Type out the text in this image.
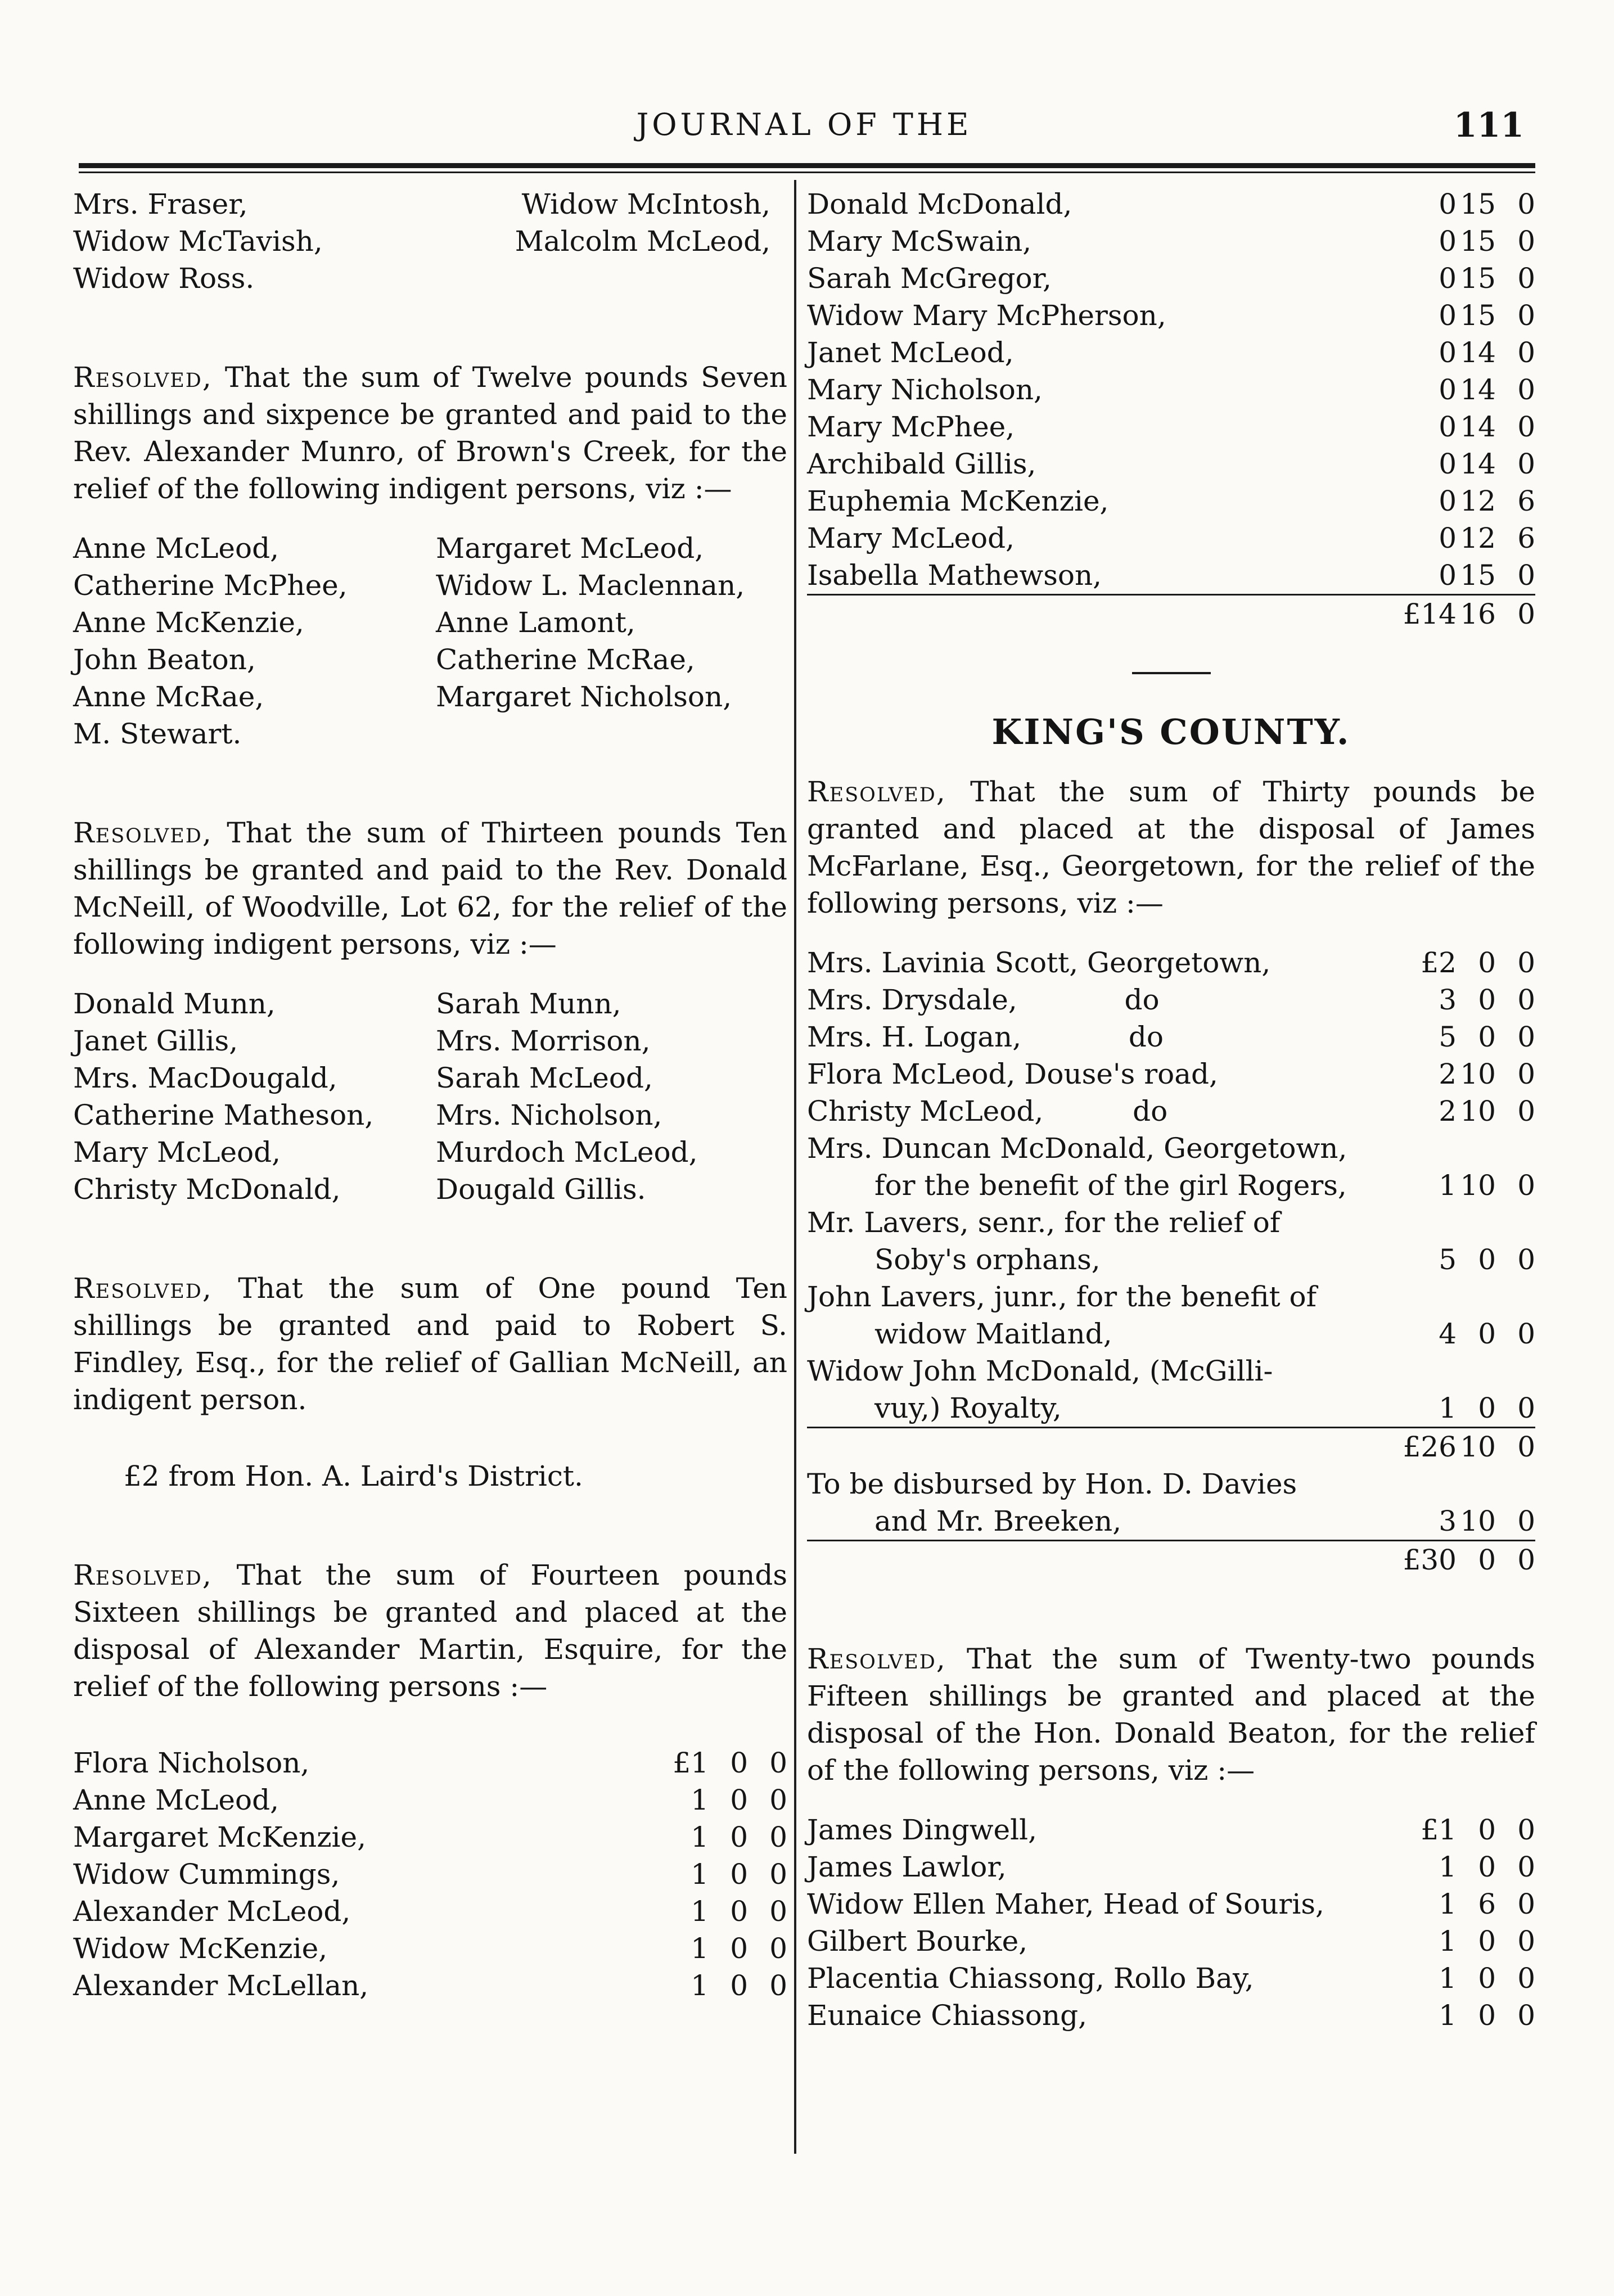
JOURNAL OF THE	111
Mrs. Fraser,	Widow McIntosh,
Widow McTavish,	Malcolm McLeod,
Widow Ross.

Resolved, That the sum of Twelve pounds Seven shillings and sixpence be granted and paid to the Rev. Alexander Munro, of Brown's Creek, for the relief of the following indigent persons, viz :—

Anne McLeod,	Margaret McLeod,
Catherine McPhee,	Widow L. Maclennan,
Anne McKenzie,	Anne Lamont,
John Beaton,	Catherine McRae,
Anne McRae,	Margaret Nicholson,
M. Stewart.

Resolved, That the sum of Thirteen pounds Ten shillings be granted and paid to the Rev. Donald McNeill, of Woodville, Lot 62, for the relief of the following indigent persons, viz :—

Donald Munn,	Sarah Munn,
Janet Gillis,	Mrs. Morrison,
Mrs. MacDougald,	Sarah McLeod,
Catherine Matheson,	Mrs. Nicholson,
Mary McLeod,	Murdoch McLeod,
Christy McDonald,	Dougald Gillis.

Resolved, That the sum of One pound Ten shillings be granted and paid to Robert S. Findley, Esq., for the relief of Gallian McNeill, an indigent person.

£2 from Hon. A. Laird's District.

Resolved, That the sum of Fourteen pounds Sixteen shillings be granted and placed at the disposal of Alexander Martin, Esquire, for the relief of the following persons :—

Flora Nicholson,	£1	0	0
Anne McLeod,	1	0	0
Margaret McKenzie,	1	0	0
Widow Cummings,	1	0	0
Alexander McLeod,	1	0	0
Widow McKenzie,	1	0	0
Alexander McLellan,	1	0	0
Donald McDonald,	0	15	0
Mary McSwain,	0	15	0
Sarah McGregor,	0	15	0
Widow Mary McPherson,	0	15	0
Janet McLeod,	0	14	0
Mary Nicholson,	0	14	0
Mary McPhee,	0	14	0
Archibald Gillis,	0	14	0
Euphemia McKenzie,	0	12	6
Mary McLeod,	0	12	6
Isabella Mathewson,	0	15	0
	£14	16	0

KING'S COUNTY.

Resolved, That the sum of Thirty pounds be granted and placed at the disposal of James McFarlane, Esq., Georgetown, for the relief of the following persons, viz :—

Mrs. Lavinia Scott, Georgetown,	£2	0	0
Mrs. Drysdale,            do	3	0	0
Mrs. H. Logan,            do	5	0	0
Flora McLeod, Douse's road,	2	10	0
Christy McLeod,          do	2	10	0
Mrs. Duncan McDonald, Georgetown,			
for the benefit of the girl Rogers,	1	10	0
Mr. Lavers, senr., for the relief of			
Soby's orphans,	5	0	0
John Lavers, junr., for the benefit of			
widow Maitland,	4	0	0
Widow John McDonald, (McGilli-			
vuy,) Royalty,	1	0	0
	£26	10	0
To be disbursed by Hon. D. Davies			
and Mr. Breeken,	3	10	0
	£30	0	0

Resolved, That the sum of Twenty-two pounds Fifteen shillings be granted and placed at the disposal of the Hon. Donald Beaton, for the relief of the following persons, viz :—

James Dingwell,	£1	0	0
James Lawlor,	1	0	0
Widow Ellen Maher, Head of Souris,	1	6	0
Gilbert Bourke,	1	0	0
Placentia Chiassong, Rollo Bay,	1	0	0
Eunaice Chiassong,	1	0	0
